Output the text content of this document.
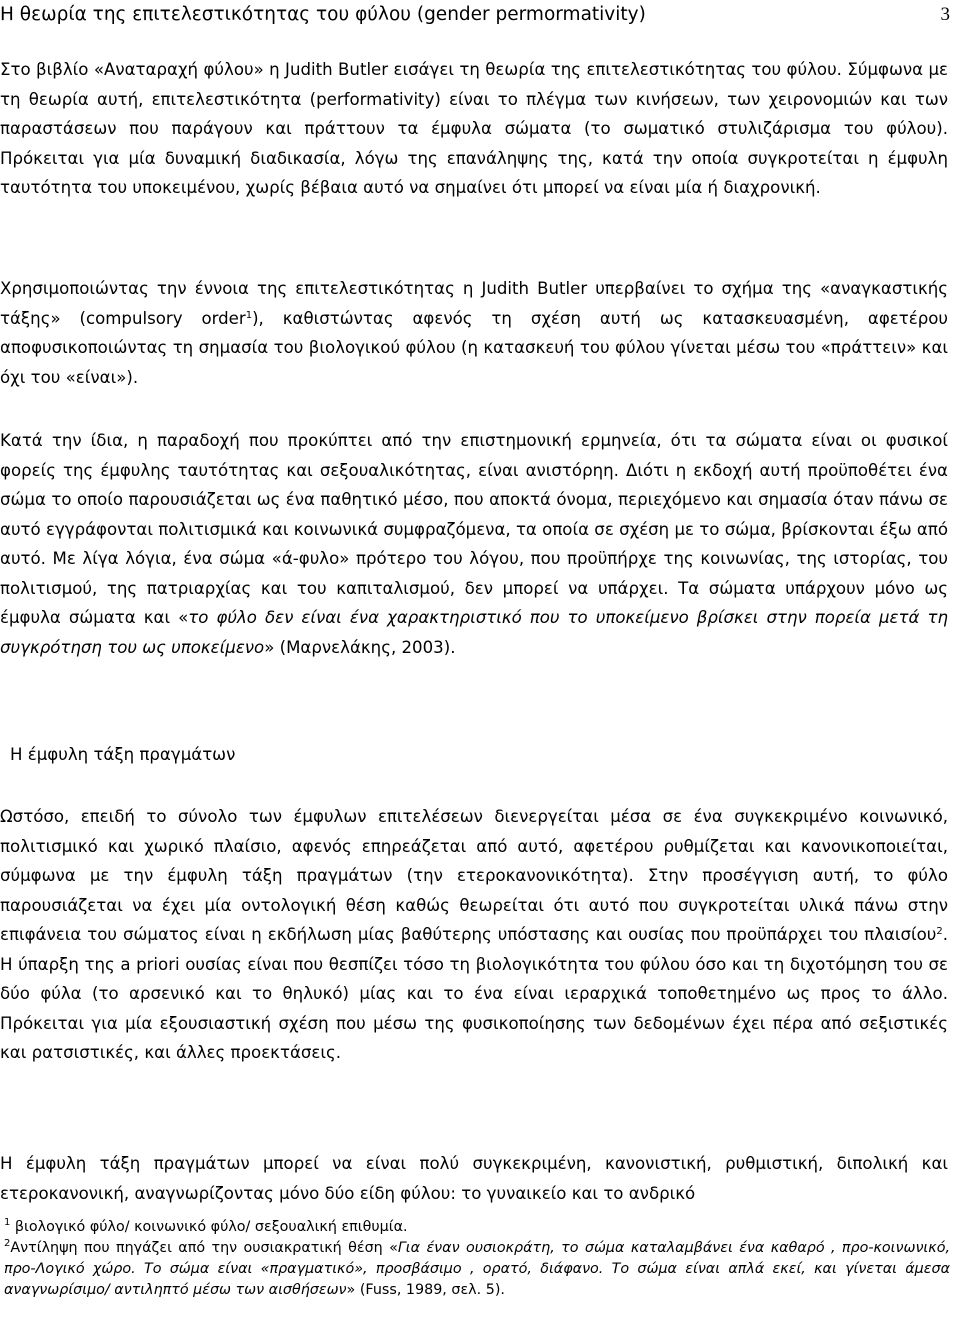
Η θεωρία της επιτελεστικότητας του φύλου (gender permormativity)	3
Στο βιβλίο «Αναταραχή φύλου» η Judith Butler εισάγει τη θεωρία της επιτελεστικότητας του φύλου. Σύμφωνα με τη θεωρία αυτή, επιτελεστικότητα (performativity) είναι το πλέγμα των κινήσεων, των χειρονομιών και των παραστάσεων που παράγουν και πράττουν τα έμφυλα σώματα (το σωματικό στυλιζάρισμα του φύλου). Πρόκειται για μία δυναμική διαδικασία, λόγω της επανάληψης της, κατά την οποία συγκροτείται η έμφυλη ταυτότητα του υποκειμένου, χωρίς βέβαια αυτό να σημαίνει ότι μπορεί να είναι μία ή διαχρονική.
Χρησιμοποιώντας την έννοια της επιτελεστικότητας η Judith Butler υπερβαίνει το σχήμα της «αναγκαστικής τάξης» (compulsory order$^1$), καθιστώντας αφενός τη σχέση αυτή ως κατασκευασμένη, αφετέρου αποφυσικοποιώντας τη σημασία του βιολογικού φύλου (η κατασκευή του φύλου γίνεται μέσω του «πράττειν» και όχι του «είναι»).
Κατά την ίδια, η παραδοχή που προκύπτει από την επιστημονική ερμηνεία, ότι τα σώματα είναι οι φυσικοί φορείς της έμφυλης ταυτότητας και σεξουαλικότητας, είναι ανιστόρηη. Διότι η εκδοχή αυτή προϋποθέτει ένα σώμα το οποίο παρουσιάζεται ως ένα παθητικό μέσο, που αποκτά όνομα, περιεχόμενο και σημασία όταν πάνω σε αυτό εγγράφονται πολιτισμικά και κοινωνικά συμφραζόμενα, τα οποία σε σχέση με το σώμα, βρίσκονται έξω από αυτό. Με λίγα λόγια, ένα σώμα «ά-φυλο» πρότερο του λόγου, που προϋπήρχε της κοινωνίας, της ιστορίας, του πολιτισμού, της πατριαρχίας και του καπιταλισμού, δεν μπορεί να υπάρχει. Τα σώματα υπάρχουν μόνο ως έμφυλα σώματα και «το φύλο δεν είναι ένα χαρακτηριστικό που το υποκείμενο βρίσκει στην πορεία μετά τη συγκρότηση του ως υποκείμενο» (Μαρνελάκης, 2003).
Η έμφυλη τάξη πραγμάτων
Ωστόσο, επειδή το σύνολο των έμφυλων επιτελέσεων διενεργείται μέσα σε ένα συγκεκριμένο κοινωνικό, πολιτισμικό και χωρικό πλαίσιο, αφενός επηρεάζεται από αυτό, αφετέρου ρυθμίζεται και κανονικοποιείται, σύμφωνα με την έμφυλη τάξη πραγμάτων (την ετεροκανονικότητα). Στην προσέγγιση αυτή, το φύλο παρουσιάζεται να έχει μία οντολογική θέση καθώς θεωρείται ότι αυτό που συγκροτείται υλικά πάνω στην επιφάνεια του σώματος είναι η εκδήλωση μίας βαθύτερης υπόστασης και ουσίας που προϋπάρχει του πλαισίου$^2$. Η ύπαρξη της a priori ουσίας είναι που θεσπίζει τόσο τη βιολογικότητα του φύλου όσο και τη διχοτόμηση του σε δύο φύλα (το αρσενικό και το θηλυκό) μίας και το ένα είναι ιεραρχικά τοποθετημένο ως προς το άλλο. Πρόκειται για μία εξουσιαστική σχέση που μέσω της φυσικοποίησης των δεδομένων έχει πέρα από σεξιστικές και ρατσιστικές, και άλλες προεκτάσεις.
Η έμφυλη τάξη πραγμάτων μπορεί να είναι πολύ συγκεκριμένη, κανονιστική, ρυθμιστική, διπολική και ετεροκανονική, αναγνωρίζοντας μόνο δύο είδη φύλου: το γυναικείο και το ανδρικό
$^1$ βιολογικό φύλο/ κοινωνικό φύλο/ σεξουαλική επιθυμία.
$^2$Αντίληψη που πηγάζει από την ουσιακρατική θέση «Για έναν ουσιοκράτη, το σώμα καταλαμβάνει ένα καθαρό , προ-κοινωνικό, προ-Λογικό χώρο. Το σώμα είναι «πραγματικό», προσβάσιμο , ορατό, διάφανο. Το σώμα είναι απλά εκεί, και γίνεται άμεσα αναγνωρίσιμο/ αντιληπτό μέσω των αισθήσεων» (Fuss, 1989, σελ. 5).
